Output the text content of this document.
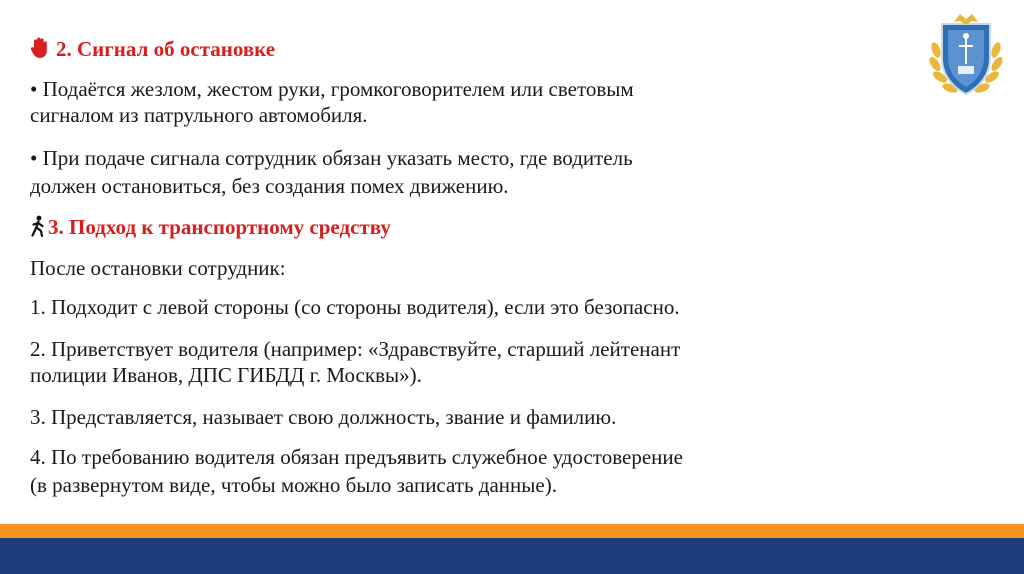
2. Сигнал об остановке
• Подаётся жезлом, жестом руки, громкоговорителем или световым
сигналом из патрульного автомобиля.
• При подаче сигнала сотрудник обязан указать место, где водитель
должен остановиться, без создания помех движению.
3. Подход к транспортному средству
После остановки сотрудник:
1. Подходит с левой стороны (со стороны водителя), если это безопасно.
2. Приветствует водителя (например: «Здравствуйте, старший лейтенант
полиции Иванов, ДПС ГИБДД г. Москвы»).
3. Представляется, называет свою должность, звание и фамилию.
4. По требованию водителя обязан предъявить служебное удостоверение
(в развернутом виде, чтобы можно было записать данные).
